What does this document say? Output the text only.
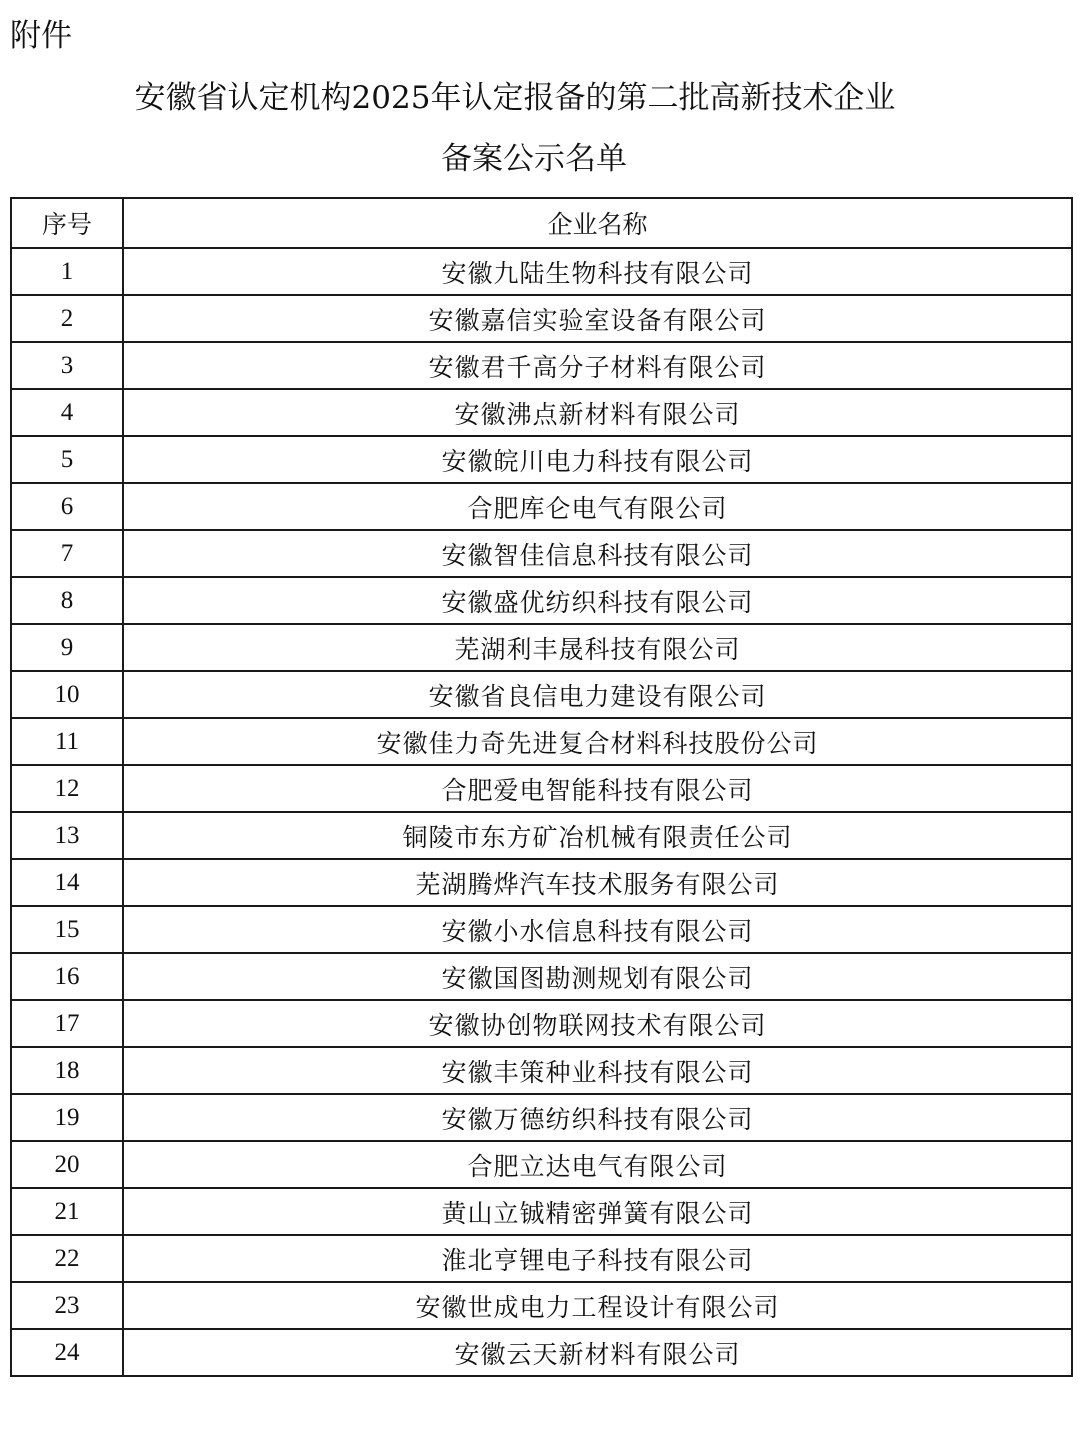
附件
安徽省认定机构2025年认定报备的第二批高新技术企业
备案公示名单
序号	企业名称
1	安徽九陆生物科技有限公司
2	安徽嘉信实验室设备有限公司
3	安徽君千高分子材料有限公司
4	安徽沸点新材料有限公司
5	安徽皖川电力科技有限公司
6	合肥库仑电气有限公司
7	安徽智佳信息科技有限公司
8	安徽盛优纺织科技有限公司
9	芜湖利丰晟科技有限公司
10	安徽省良信电力建设有限公司
11	安徽佳力奇先进复合材料科技股份公司
12	合肥爱电智能科技有限公司
13	铜陵市东方矿冶机械有限责任公司
14	芜湖腾烨汽车技术服务有限公司
15	安徽小水信息科技有限公司
16	安徽国图勘测规划有限公司
17	安徽协创物联网技术有限公司
18	安徽丰策种业科技有限公司
19	安徽万德纺织科技有限公司
20	合肥立达电气有限公司
21	黄山立铖精密弹簧有限公司
22	淮北亨锂电子科技有限公司
23	安徽世成电力工程设计有限公司
24	安徽云天新材料有限公司
